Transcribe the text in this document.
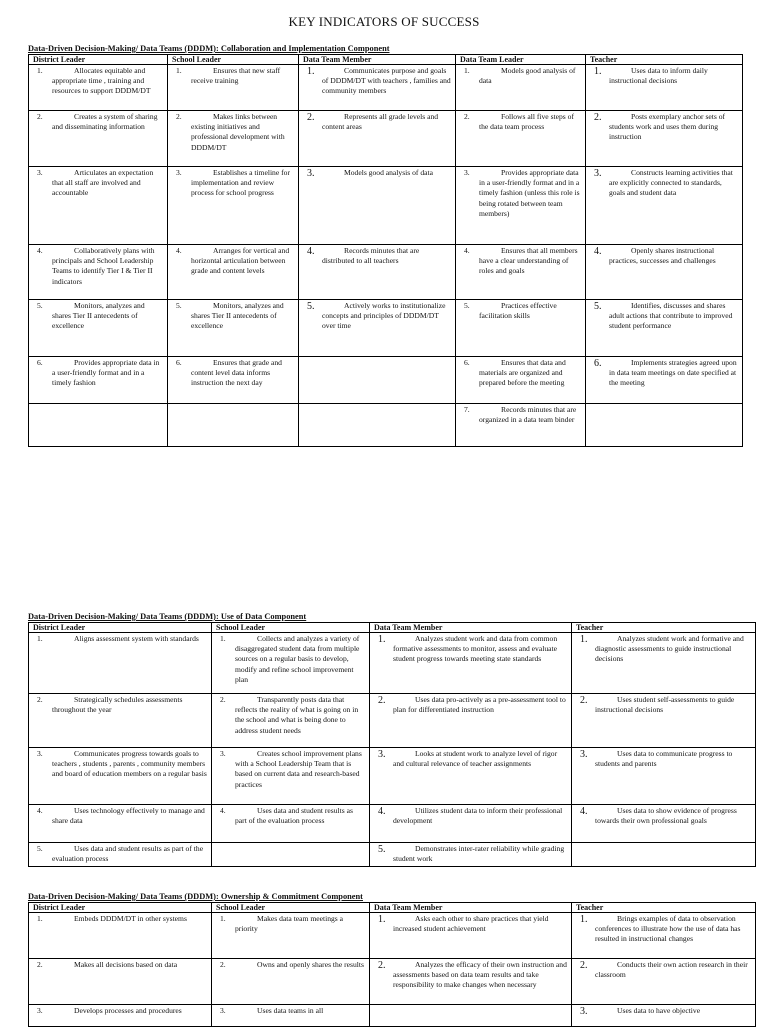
KEY INDICATORS OF SUCCESS
Data-Driven Decision-Making/ Data Teams (DDDM): Collaboration and Implementation Component
District Leader	School Leader	Data Team Member	Data Team Leader	Teacher

1. Allocates equitable and appropriate time , training and resources to support DDDM/DT	1. Ensures that new staff receive training	1. Communicates purpose and goals of DDDM/DT with teachers , families and community members	1. Models good analysis of data	1. Uses data to inform daily instructional decisions

2. Creates a system of sharing and disseminating information	2. Makes links between existing initiatives and professional development with DDDM/DT	2. Represents all grade levels and content areas	2. Follows all five steps of the data team process	2. Posts exemplary anchor sets of students work and uses them during instruction

3. Articulates an expectation that all staff are involved and accountable	3. Establishes a timeline for implementation and review process for school progress	3. Models good analysis of data	3. Provides appropriate data in a user-friendly format and in a timely fashion (unless this role is being rotated between team members)	3. Constructs learning activities that are explicitly connected to standards, goals and student data

4. Collaboratively plans with principals and School Leadership Teams to identify Tier I & Tier II indicators	4. Arranges for vertical and horizontal articulation between grade and content levels	4. Records minutes that are distributed to all teachers	4. Ensures that all members have a clear understanding of roles and goals	4. Openly shares instructional practices, successes and challenges

5. Monitors, analyzes and shares Tier II antecedents of excellence	5. Monitors, analyzes and shares Tier II antecedents of excellence	5. Actively works to institutionalize concepts and principles of DDDM/DT over time	5. Practices effective facilitation skills	5. Identifies, discusses and shares adult actions that contribute to improved student performance

6. Provides appropriate data in a user-friendly format and in a timely fashion	6. Ensures that grade and content level data informs instruction the next day		6. Ensures that data and materials are organized and prepared before the meeting	6. Implements strategies agreed upon in data team meetings on date specified at the meeting

			7. Records minutes that are organized in a data team binder	

Data-Driven Decision-Making/ Data Teams (DDDM): Use of Data Component
District Leader	School Leader	Data Team Member	Teacher

1. Aligns assessment system with standards	1. Collects and analyzes a variety of disaggregated student data from multiple sources on a regular basis to develop, modify and refine school improvement plan	1. Analyzes student work and data from common formative assessments to monitor, assess and evaluate student progress towards meeting state standards	1. Analyzes student work and formative and diagnostic assessments to guide instructional decisions

2. Strategically schedules assessments throughout the year	2. Transparently posts data that reflects the reality of what is going on in the school and what is being done to address student needs	2. Uses data pro-actively as a pre-assessment tool to plan for differentiated instruction	2. Uses student self-assessments to guide instructional decisions

3. Communicates progress towards goals to teachers , students , parents , community members and board of education members on a regular basis	3. Creates school improvement plans with a School Leadership Team that is based on current data and research-based practices	3. Looks at student work to analyze level of rigor and cultural relevance of teacher assignments	3. Uses data to communicate progress to students and parents

4. Uses technology effectively to manage and share data	4. Uses data and student results as part of the evaluation process	4. Utilizes student data to inform their professional development	4. Uses data to show evidence of progress towards their own professional goals

5. Uses data and student results as part of the evaluation process		5. Demonstrates inter-rater reliability while grading student work	

Data-Driven Decision-Making/ Data Teams (DDDM): Ownership & Commitment Component
District Leader	School Leader	Data Team Member	Teacher

1. Embeds DDDM/DT in other systems	1. Makes data team meetings a priority	1. Asks each other to share practices that yield increased student achievement	1. Brings examples of data to observation conferences to illustrate how the use of data has resulted in instructional changes

2. Makes all decisions based on data	2. Owns and openly shares the results	2. Analyzes the efficacy of their own instruction and assessments based on data team results and take responsibility to make changes when necessary	2. Conducts their own action research in their classroom

3. Develops processes and procedures	3. Uses data teams in all		3. Uses data to have objective
